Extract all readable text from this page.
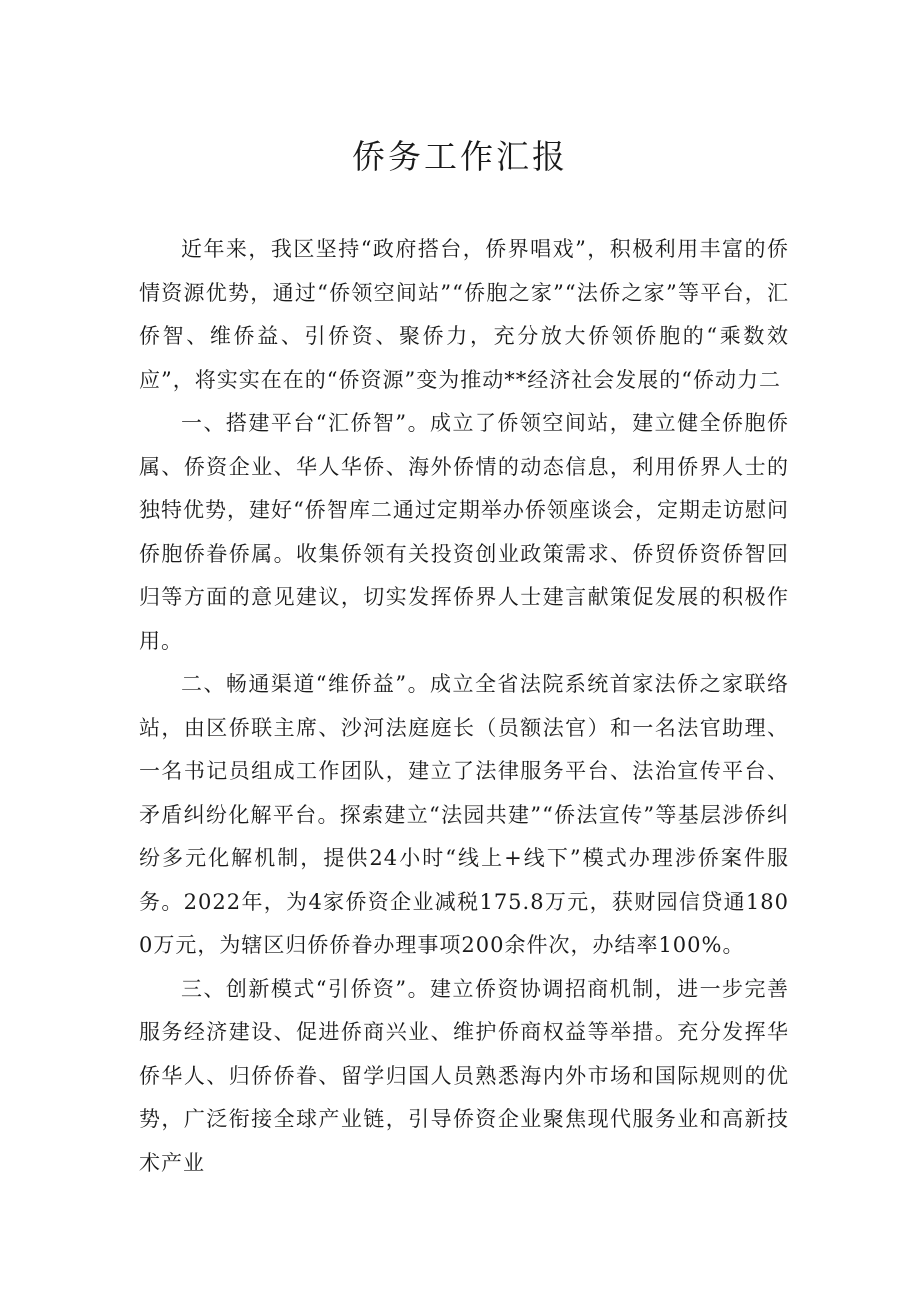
侨务工作汇报

近年来，我区坚持“政府搭台，侨界唱戏”，积极利用丰富的侨情资源优势，通过“侨领空间站”“侨胞之家”“法侨之家”等平台，汇侨智、维侨益、引侨资、聚侨力，充分放大侨领侨胞的“乘数效应”，将实实在在的“侨资源”变为推动**经济社会发展的“侨动力二

一、搭建平台“汇侨智”。成立了侨领空间站，建立健全侨胞侨属、侨资企业、华人华侨、海外侨情的动态信息，利用侨界人士的独特优势，建好“侨智库二通过定期举办侨领座谈会，定期走访慰问侨胞侨眷侨属。收集侨领有关投资创业政策需求、侨贸侨资侨智回归等方面的意见建议，切实发挥侨界人士建言献策促发展的积极作用。

二、畅通渠道“维侨益”。成立全省法院系统首家法侨之家联络站，由区侨联主席、沙河法庭庭长（员额法官）和一名法官助理、一名书记员组成工作团队，建立了法律服务平台、法治宣传平台、矛盾纠纷化解平台。探索建立“法园共建”“侨法宣传”等基层涉侨纠纷多元化解机制，提供24小时“线上+线下”模式办理涉侨案件服务。2022年，为4家侨资企业减税175.8万元，获财园信贷通1800万元，为辖区归侨侨眷办理事项200余件次，办结率100%。

三、创新模式“引侨资”。建立侨资协调招商机制，进一步完善服务经济建设、促进侨商兴业、维护侨商权益等举措。充分发挥华侨华人、归侨侨眷、留学归国人员熟悉海内外市场和国际规则的优势，广泛衔接全球产业链，引导侨资企业聚焦现代服务业和高新技术产业
